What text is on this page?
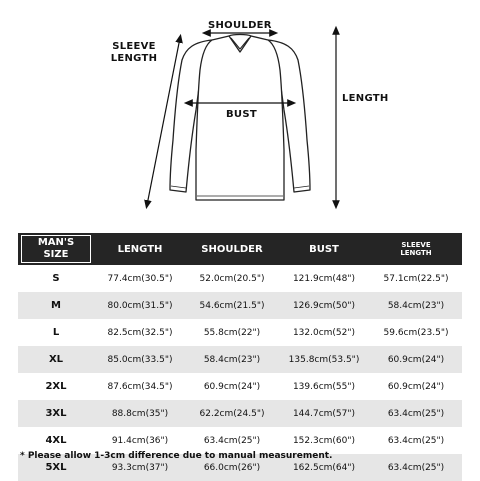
SHOULDER
SLEEVE
LENGTH
BUST
LENGTH
MAN'S SIZE	LENGTH	SHOULDER	BUST	SLEEVE
LENGTH

S	77.4cm(30.5")	52.0cm(20.5")	121.9cm(48")	57.1cm(22.5")
M	80.0cm(31.5")	54.6cm(21.5")	126.9cm(50")	58.4cm(23")
L	82.5cm(32.5")	55.8cm(22")	132.0cm(52")	59.6cm(23.5")
XL	85.0cm(33.5")	58.4cm(23")	135.8cm(53.5")	60.9cm(24")
2XL	87.6cm(34.5")	60.9cm(24")	139.6cm(55")	60.9cm(24")
3XL	88.8cm(35")	62.2cm(24.5")	144.7cm(57")	63.4cm(25")
4XL	91.4cm(36")	63.4cm(25")	152.3cm(60")	63.4cm(25")
5XL	93.3cm(37")	66.0cm(26")	162.5cm(64")	63.4cm(25")
* Please allow 1-3cm difference due to manual measurement.
